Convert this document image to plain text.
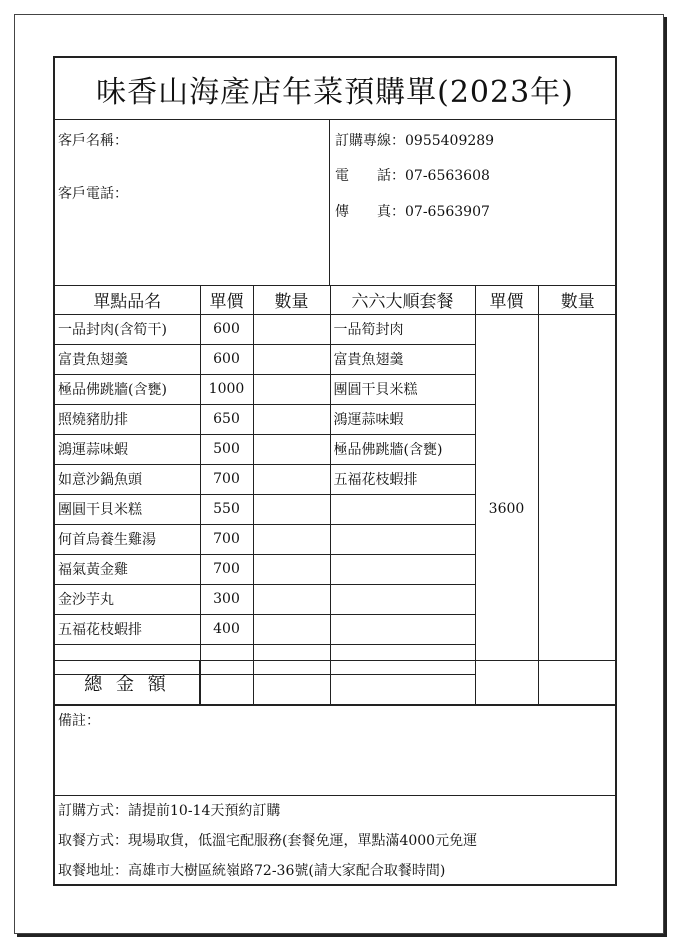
味香山海產店年菜預購單(2023年)
客戶名稱：
客戶電話：
訂購專線：0955409289
電　　話：07-6563608
傳　　真：07-6563907
單點品名	單價	數量	六六大順套餐	單價	數量
一品封肉(含筍干)	600		一品筍封肉	3600	
富貴魚翅羹	600		富貴魚翅羹		
極品佛跳牆(含甕)	1000		團圓干貝米糕		
照燒豬肋排	650		鴻運蒜味蝦		
鴻運蒜味蝦	500		極品佛跳牆(含甕)		
如意沙鍋魚頭	700		五福花枝蝦排		
團圓干貝米糕	550				
何首烏養生雞湯	700				
福氣黃金雞	700				
金沙芋丸	300				
五福花枝蝦排	400				

總 金 額
備註：
訂購方式：請提前10-14天預約訂購
取餐方式：現場取貨，低溫宅配服務(套餐免運，單點滿4000元免運
取餐地址：高雄市大樹區統嶺路72-36號(請大家配合取餐時間)
